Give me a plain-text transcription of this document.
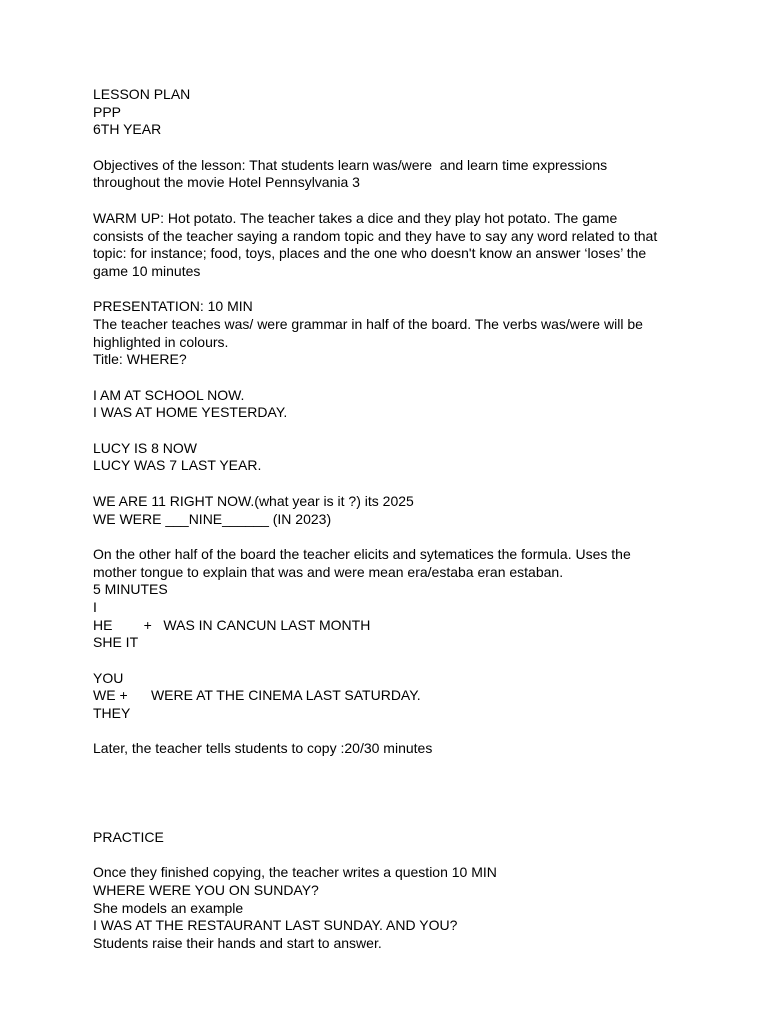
LESSON PLAN
PPP
6TH YEAR
Objectives of the lesson: That students learn was/were  and learn time expressions
throughout the movie Hotel Pennsylvania 3
WARM UP: Hot potato. The teacher takes a dice and they play hot potato. The game
consists of the teacher saying a random topic and they have to say any word related to that
topic: for instance; food, toys, places and the one who doesn't know an answer ‘loses’ the
game 10 minutes
PRESENTATION: 10 MIN
The teacher teaches was/ were grammar in half of the board. The verbs was/were will be
highlighted in colours.
Title: WHERE?
I AM AT SCHOOL NOW.
I WAS AT HOME YESTERDAY.
LUCY IS 8 NOW
LUCY WAS 7 LAST YEAR.
WE ARE 11 RIGHT NOW.(what year is it ?) its 2025
WE WERE ___NINE______ (IN 2023)
On the other half of the board the teacher elicits and sytematices the formula. Uses the
mother tongue to explain that was and were mean era/estaba eran estaban.
5 MINUTES
I
HE        +   WAS IN CANCUN LAST MONTH
SHE IT
YOU
WE +      WERE AT THE CINEMA LAST SATURDAY.
THEY
Later, the teacher tells students to copy :20/30 minutes
PRACTICE
Once they finished copying, the teacher writes a question 10 MIN
WHERE WERE YOU ON SUNDAY?
She models an example
I WAS AT THE RESTAURANT LAST SUNDAY. AND YOU?
Students raise their hands and start to answer.
